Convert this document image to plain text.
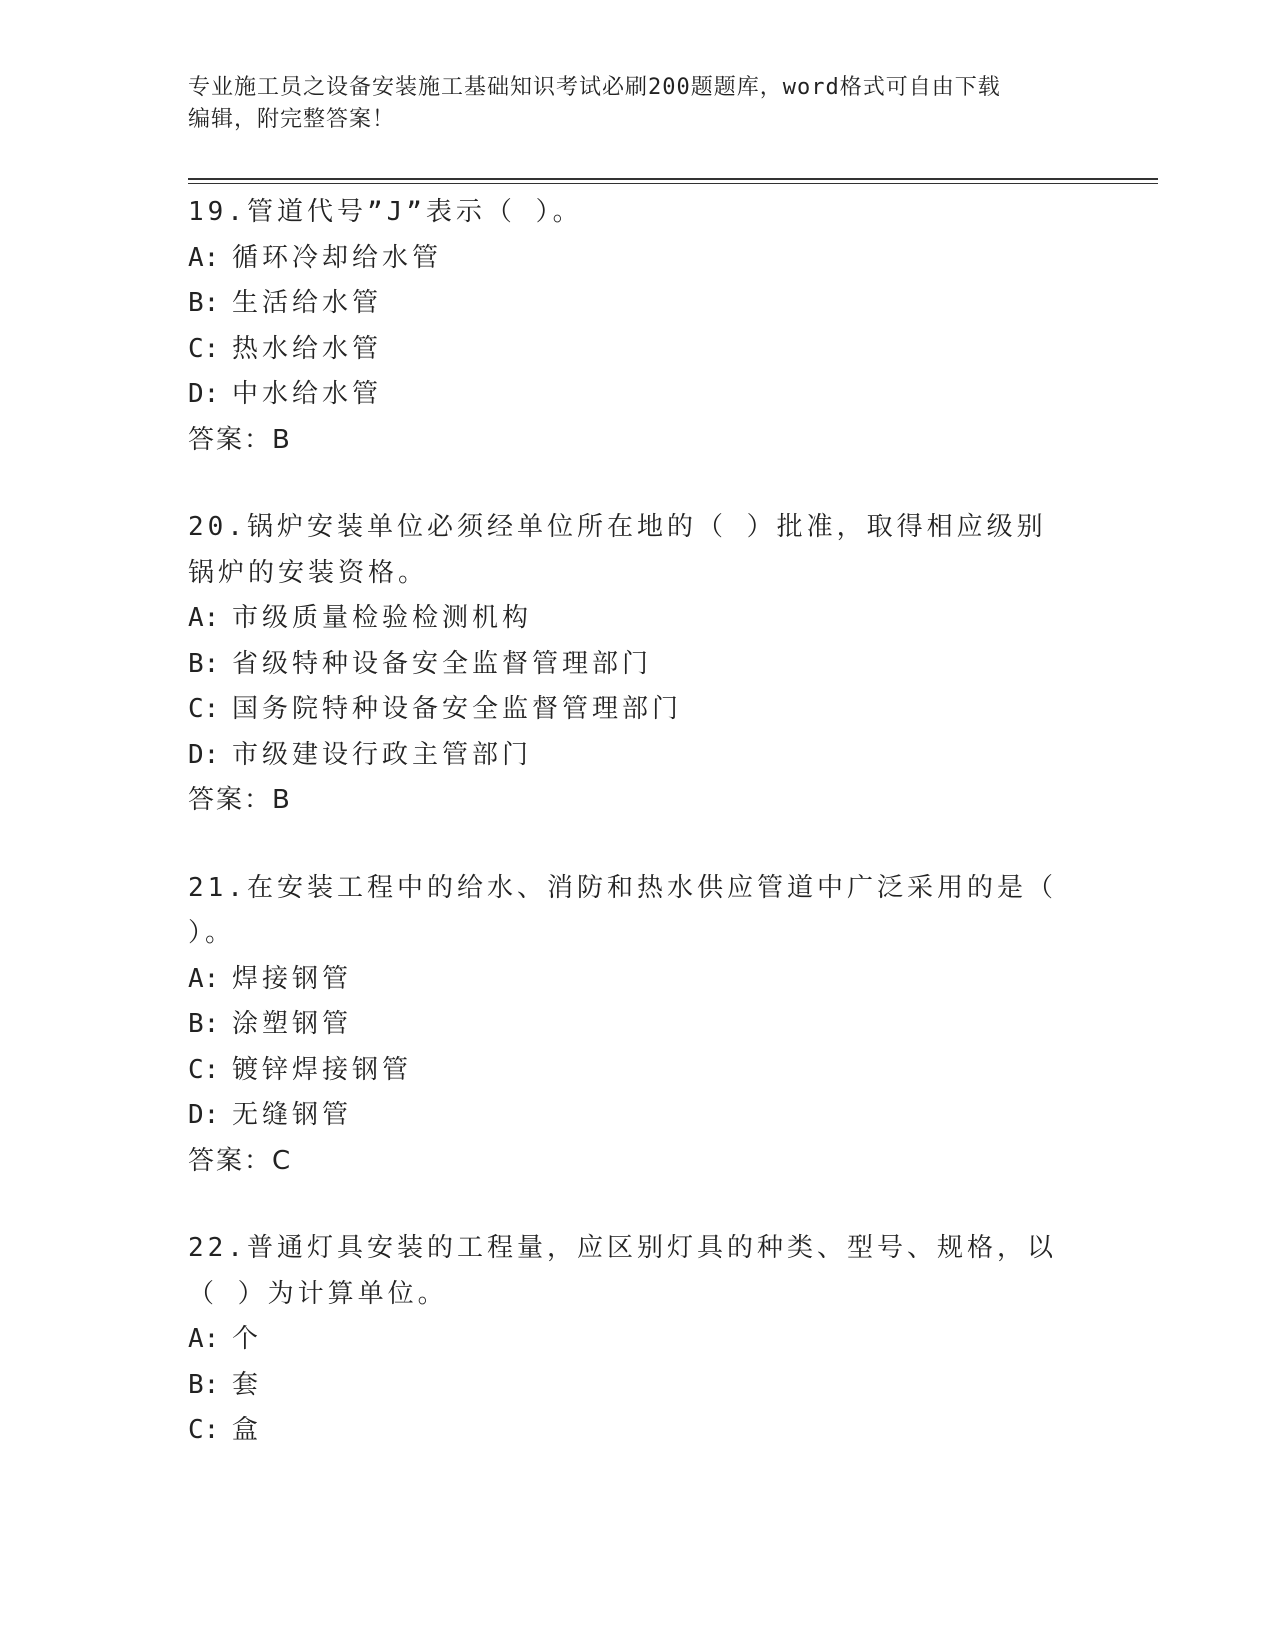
专业施工员之设备安装施工基础知识考试必刷200题题库，word格式可自由下载
编辑，附完整答案！
19.管道代号”J”表示（ ）。
A: 循环冷却给水管
B: 生活给水管
C: 热水给水管
D: 中水给水管
答案：B
20.锅炉安装单位必须经单位所在地的（ ）批准，取得相应级别锅炉的安装资格。
A: 市级质量检验检测机构
B: 省级特种设备安全监督管理部门
C: 国务院特种设备安全监督管理部门
D: 市级建设行政主管部门
答案：B
21.在安装工程中的给水、消防和热水供应管道中广泛采用的是（ ）。
A: 焊接钢管
B: 涂塑钢管
C: 镀锌焊接钢管
D: 无缝钢管
答案：C
22.普通灯具安装的工程量，应区别灯具的种类、型号、规格，以（ ）为计算单位。
A: 个
B: 套
C: 盒
